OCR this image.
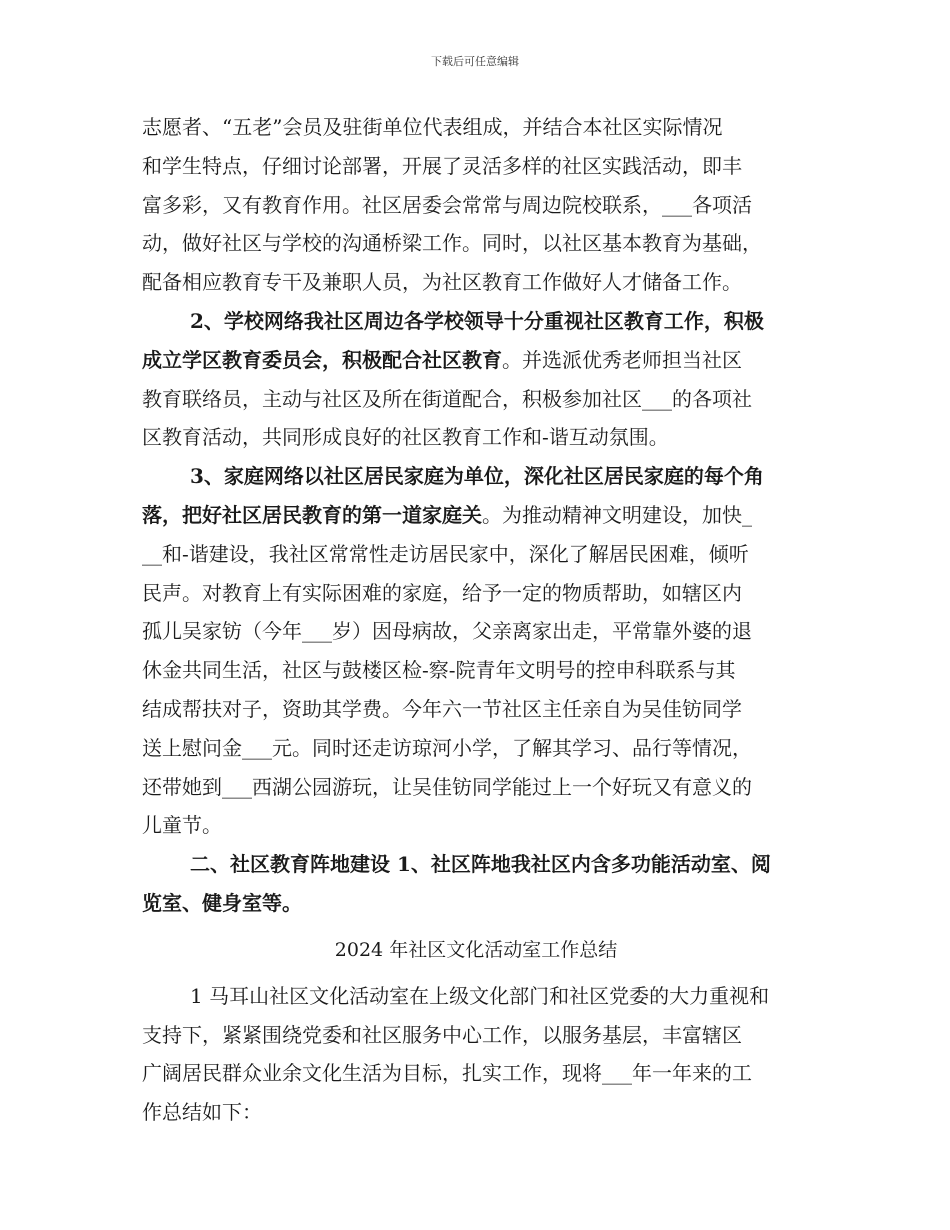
下载后可任意编辑
志愿者、“五老”会员及驻街单位代表组成，并结合本社区实际情况
和学生特点，仔细讨论部署，开展了灵活多样的社区实践活动，即丰
富多彩，又有教育作用。社区居委会常常与周边院校联系，___各项活
动，做好社区与学校的沟通桥梁工作。同时，以社区基本教育为基础，
配备相应教育专干及兼职人员，为社区教育工作做好人才储备工作。
2、学校网络我社区周边各学校领导十分重视社区教育工作，积极
成立学区教育委员会，积极配合社区教育。并选派优秀老师担当社区
教育联络员，主动与社区及所在街道配合，积极参加社区___的各项社
区教育活动，共同形成良好的社区教育工作和-谐互动氛围。
3、家庭网络以社区居民家庭为单位，深化社区居民家庭的每个角
落，把好社区居民教育的第一道家庭关。为推动精神文明建设，加快_
__和-谐建设，我社区常常性走访居民家中，深化了解居民困难，倾听
民声。对教育上有实际困难的家庭，给予一定的物质帮助，如辖区内
孤儿吴家钫（今年___岁）因母病故，父亲离家出走，平常靠外婆的退
休金共同生活，社区与鼓楼区检-察-院青年文明号的控申科联系与其
结成帮扶对子，资助其学费。今年六一节社区主任亲自为吴佳钫同学
送上慰问金___元。同时还走访琼河小学，了解其学习、品行等情况，
还带她到___西湖公园游玩，让吴佳钫同学能过上一个好玩又有意义的
儿童节。
二、社区教育阵地建设 1、社区阵地我社区内含多功能活动室、阅
览室、健身室等。
2024 年社区文化活动室工作总结
1 马耳山社区文化活动室在上级文化部门和社区党委的大力重视和
支持下，紧紧围绕党委和社区服务中心工作，以服务基层，丰富辖区
广阔居民群众业余文化生活为目标，扎实工作，现将___年一年来的工
作总结如下：
